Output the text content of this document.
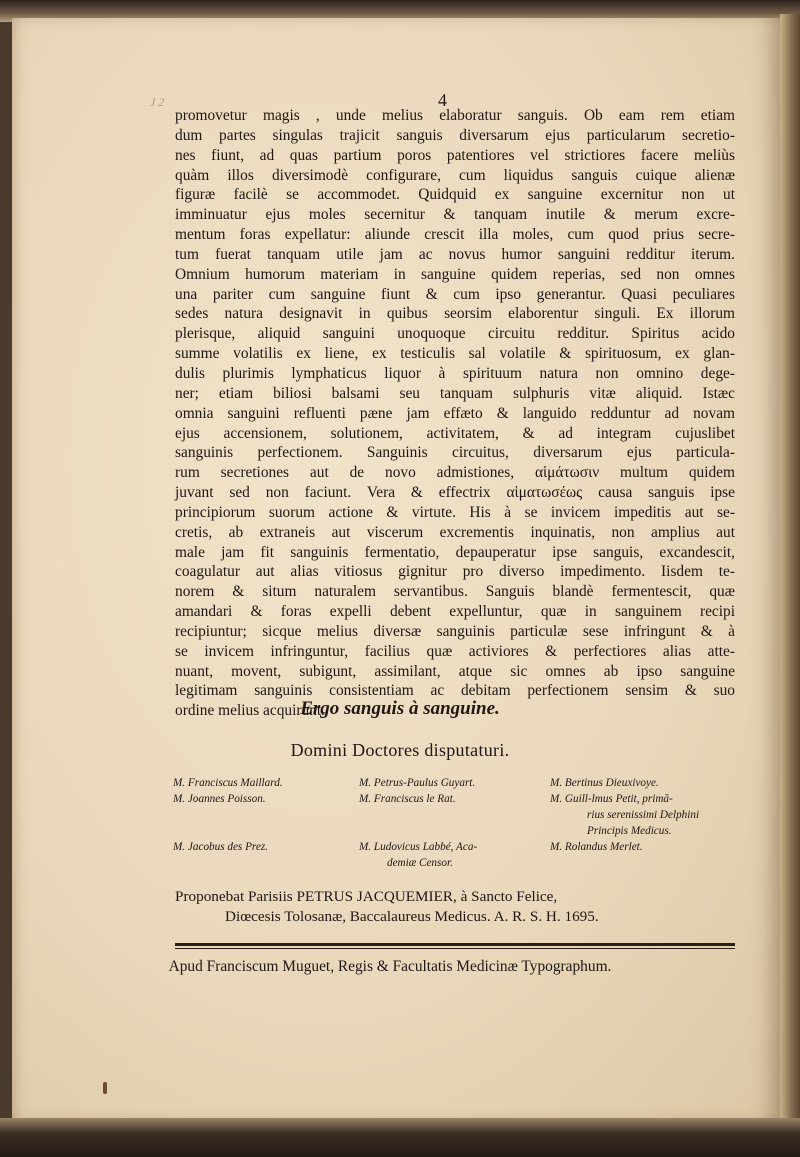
J 2	4
promovetur magis , unde melius elaboratur sanguis. Ob eam rem etiam
dum partes singulas trajicit sanguis diversarum ejus particularum secretio-
nes fiunt, ad quas partium poros patentiores vel strictiores facere meliùs
quàm illos diversimodè configurare, cum liquidus sanguis cuique alienæ
figuræ facilè se accommodet. Quidquid ex sanguine excernitur non ut
imminuatur ejus moles secernitur & tanquam inutile & merum excre-
mentum foras expellatur: aliunde crescit illa moles, cum quod prius secre-
tum fuerat tanquam utile jam ac novus humor sanguini redditur iterum.
Omnium humorum materiam in sanguine quidem reperias, sed non omnes
una pariter cum sanguine fiunt & cum ipso generantur. Quasi peculiares
sedes natura designavit in quibus seorsim elaborentur singuli. Ex illorum
plerisque, aliquid sanguini unoquoque circuitu redditur. Spiritus acido
summe volatilis ex liene, ex testiculis sal volatile & spirituosum, ex glan-
dulis plurimis lymphaticus liquor à spirituum natura non omnino dege-
ner; etiam biliosi balsami seu tanquam sulphuris vitæ aliquid. Istæc
omnia sanguini refluenti pæne jam effæto & languido redduntur ad novam
ejus accensionem, solutionem, activitatem, & ad integram cujuslibet
sanguinis perfectionem. Sanguinis circuitus, diversarum ejus particula-
rum secretiones aut de novo admistiones, αἱμάτωσιν multum quidem
juvant sed non faciunt. Vera & effectrix αἱματωσέως causa sanguis ipse
principiorum suorum actione & virtute. His à se invicem impeditis aut se-
cretis, ab extraneis aut viscerum excrementis inquinatis, non amplius aut
male jam fit sanguinis fermentatio, depauperatur ipse sanguis, excandescit,
coagulatur aut alias vitiosus gignitur pro diverso impedimento. Iisdem te-
norem & situm naturalem servantibus. Sanguis blandè fermentescit, quæ
amandari & foras expelli debent expelluntur, quæ in sanguinem recipi
recipiuntur; sicque melius diversæ sanguinis particulæ sese infringunt & à
se invicem infringuntur, facilius quæ activiores & perfectiores alias atte-
nuant, movent, subigunt, assimilant, atque sic omnes ab ipso sanguine
legitimam sanguinis consistentiam ac debitam perfectionem sensim & suo
ordine melius acquirunt.
Ergo sanguis à sanguine.
Domini Doctores disputaturi.
M. Franciscus Maillard.
M. Joannes Poisson.
M. Jacobus des Prez.
M. Petrus-Paulus Guyart.
M. Franciscus le Rat.
M. Ludovicus Labbé, Aca-
demiæ Censor.
M. Bertinus Dieuxivoye.
M. Guill-lmus Petit, primā-
rius serenissimi Delphini
Principis Medicus.
M. Rolandus Merlet.
Proponebat Parisiis PETRUS JACQUEMIER, à Sancto Felice,
Diœcesis Tolosanæ, Baccalaureus Medicus. A. R. S. H. 1695.
Apud Franciscum Muguet, Regis & Facultatis Medicinæ Typographum.
